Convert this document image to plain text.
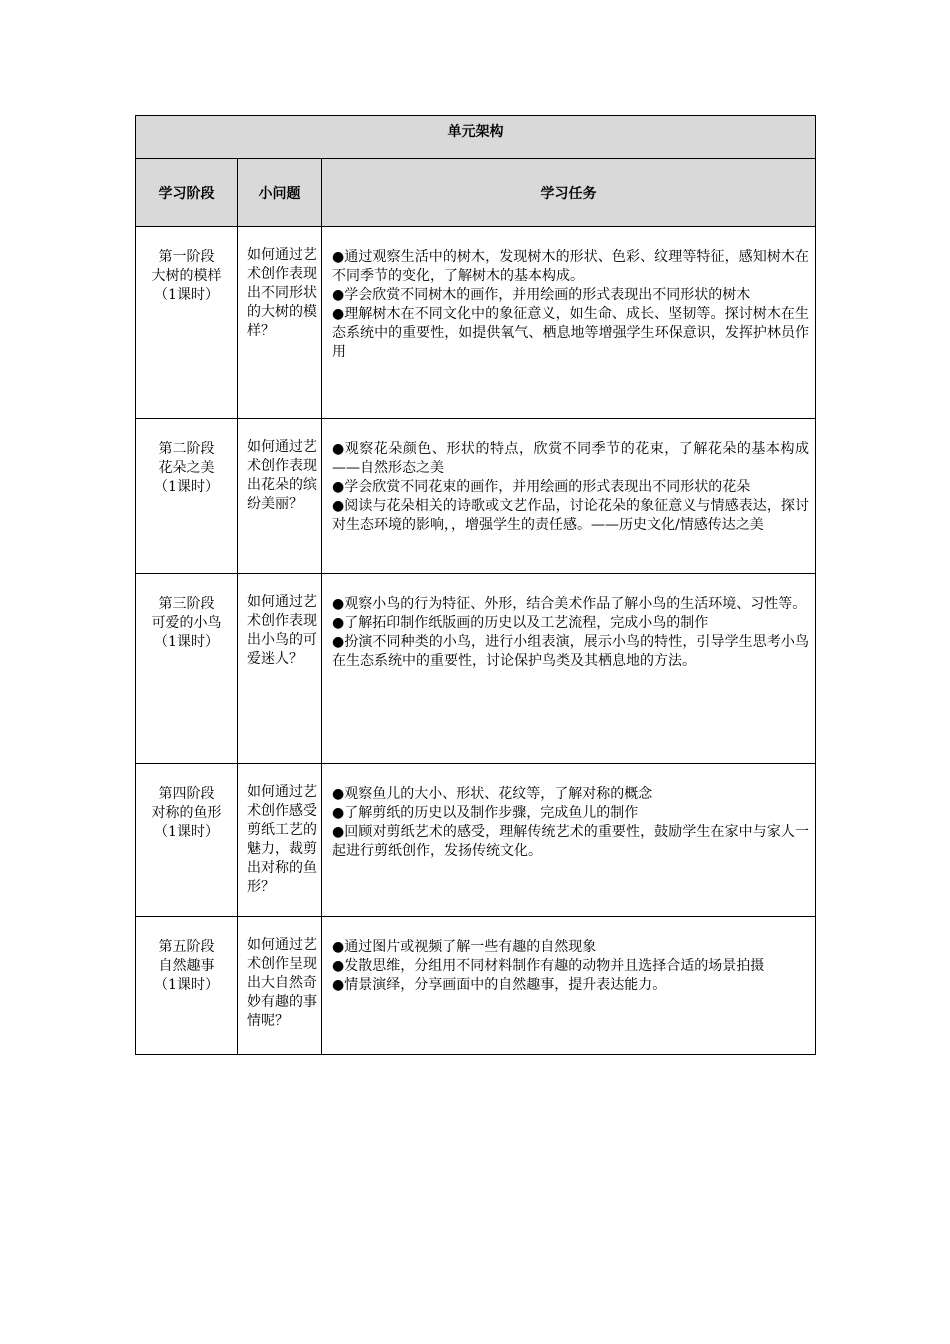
单元架构		
学习阶段	小问题	学习任务

第一阶段
大树的模样
（1课时）	如何通过艺术创作表现出不同形状的大树的模样？	●通过观察生活中的树木，发现树木的形状、色彩、纹理等特征，感知树木在不同季节的变化，了解树木的基本构成。
●学会欣赏不同树木的画作，并用绘画的形式表现出不同形状的树木
●理解树木在不同文化中的象征意义，如生命、成长、坚韧等。探讨树木在生态系统中的重要性，如提供氧气、栖息地等增强学生环保意识，发挥护林员作用

第二阶段
花朵之美
（1课时）	如何通过艺术创作表现出花朵的缤纷美丽？	●观察花朵颜色、形状的特点，欣赏不同季节的花束，了解花朵的基本构成——自然形态之美
●学会欣赏不同花束的画作，并用绘画的形式表现出不同形状的花朵
●阅读与花朵相关的诗歌或文艺作品，讨论花朵的象征意义与情感表达，探讨对生态环境的影响，，增强学生的责任感。——历史文化/情感传达之美

第三阶段
可爱的小鸟
（1课时）	如何通过艺术创作表现出小鸟的可爱迷人？	●观察小鸟的行为特征、外形，结合美术作品了解小鸟的生活环境、习性等。
●了解拓印制作纸版画的历史以及工艺流程，完成小鸟的制作
●扮演不同种类的小鸟，进行小组表演，展示小鸟的特性，引导学生思考小鸟在生态系统中的重要性，讨论保护鸟类及其栖息地的方法。

第四阶段
对称的鱼形
（1课时）	如何通过艺术创作感受剪纸工艺的魅力，裁剪出对称的鱼形？	●观察鱼儿的大小、形状、花纹等，了解对称的概念
●了解剪纸的历史以及制作步骤，完成鱼儿的制作
●回顾对剪纸艺术的感受，理解传统艺术的重要性，鼓励学生在家中与家人一起进行剪纸创作，发扬传统文化。

第五阶段
自然趣事
（1课时）	如何通过艺术创作呈现出大自然奇妙有趣的事情呢？	●通过图片或视频了解一些有趣的自然现象
●发散思维，分组用不同材料制作有趣的动物并且选择合适的场景拍摄
●情景演绎，分享画面中的自然趣事，提升表达能力。
